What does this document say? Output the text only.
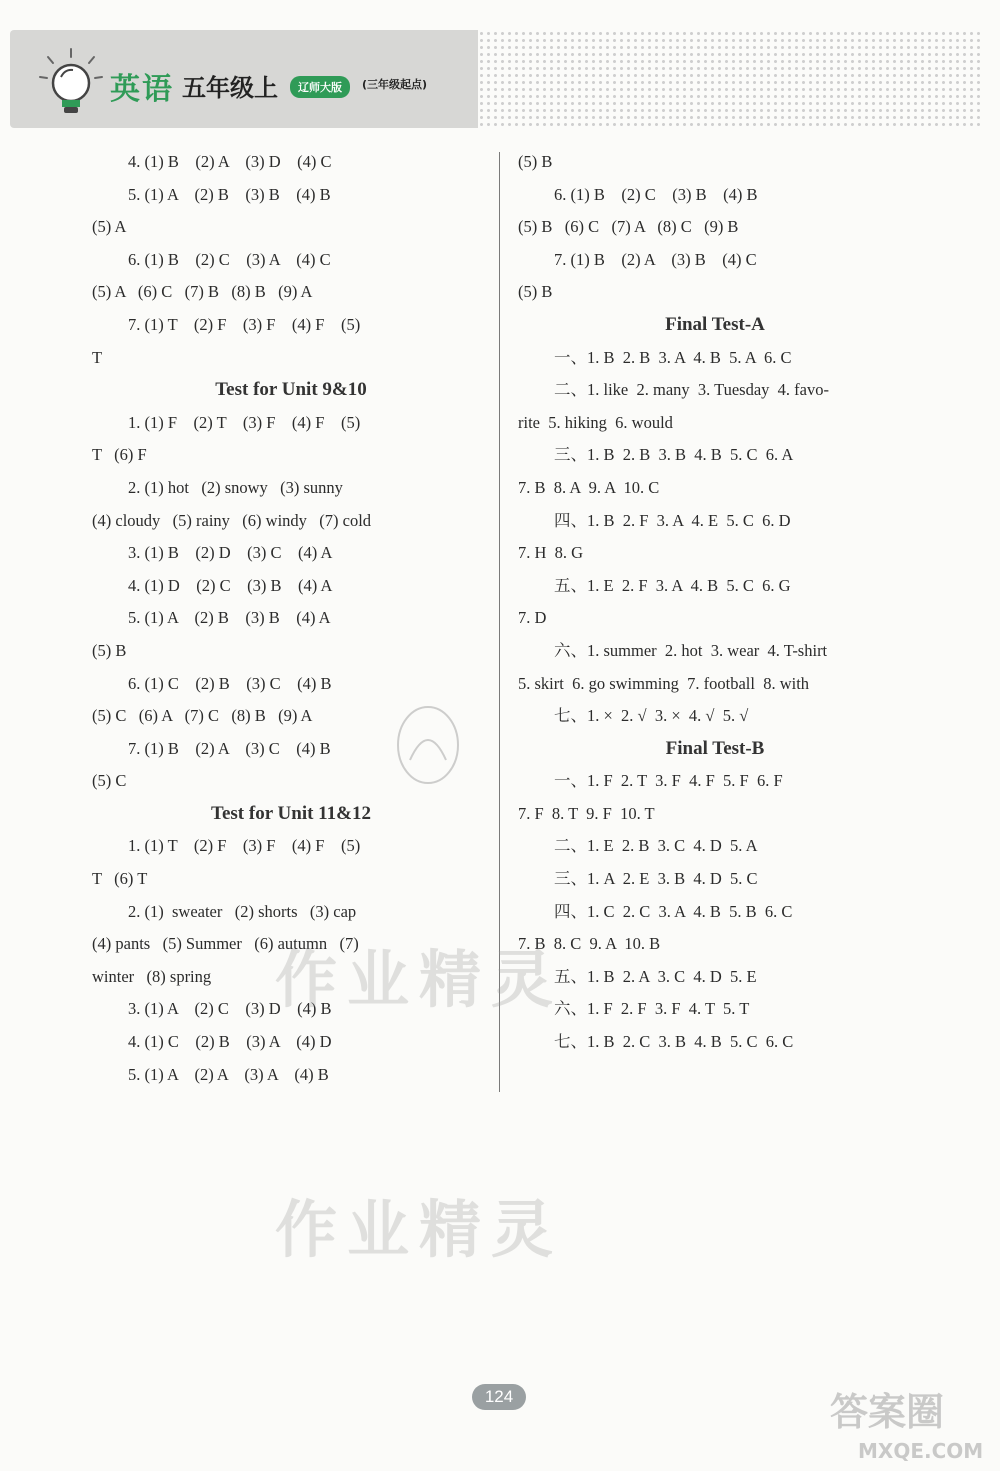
英语 五年级上	辽师大版	(三年级起点)
4. (1) B    (2) A    (3) D    (4) C
5. (1) A    (2) B    (3) B    (4) B
(5) A
6. (1) B    (2) C    (3) A    (4) C
(5) A   (6) C   (7) B   (8) B   (9) A
7. (1) T    (2) F    (3) F    (4) F    (5)
T
Test for Unit 9&10
1. (1) F    (2) T    (3) F    (4) F    (5)
T   (6) F
2. (1) hot   (2) snowy   (3) sunny
(4) cloudy   (5) rainy   (6) windy   (7) cold
3. (1) B    (2) D    (3) C    (4) A
4. (1) D    (2) C    (3) B    (4) A
5. (1) A    (2) B    (3) B    (4) A
(5) B
6. (1) C    (2) B    (3) C    (4) B
(5) C   (6) A   (7) C   (8) B   (9) A
7. (1) B    (2) A    (3) C    (4) B
(5) C
Test for Unit 11&12
1. (1) T    (2) F    (3) F    (4) F    (5)
T   (6) T
2. (1)  sweater   (2) shorts   (3) cap
(4) pants   (5) Summer   (6) autumn   (7)
winter   (8) spring
3. (1) A    (2) C    (3) D    (4) B
4. (1) C    (2) B    (3) A    (4) D
5. (1) A    (2) A    (3) A    (4) B
(5) B
6. (1) B    (2) C    (3) B    (4) B
(5) B   (6) C   (7) A   (8) C   (9) B
7. (1) B    (2) A    (3) B    (4) C
(5) B
Final Test-A
一、1. B  2. B  3. A  4. B  5. A  6. C
二、1. like  2. many  3. Tuesday  4. favo-
rite  5. hiking  6. would
三、1. B  2. B  3. B  4. B  5. C  6. A
7. B  8. A  9. A  10. C
四、1. B  2. F  3. A  4. E  5. C  6. D
7. H  8. G
五、1. E  2. F  3. A  4. B  5. C  6. G
7. D
六、1. summer  2. hot  3. wear  4. T-shirt
5. skirt  6. go swimming  7. football  8. with
七、1. ×  2. √  3. ×  4. √  5. √
Final Test-B
一、1. F  2. T  3. F  4. F  5. F  6. F
7. F  8. T  9. F  10. T
二、1. E  2. B  3. C  4. D  5. A
三、1. A  2. E  3. B  4. D  5. C
四、1. C  2. C  3. A  4. B  5. B  6. C
7. B  8. C  9. A  10. B
五、1. B  2. A  3. C  4. D  5. E
六、1. F  2. F  3. F  4. T  5. T
七、1. B  2. C  3. B  4. B  5. C  6. C
作业精灵
作业精灵
答案圈
MXQE.COM
124
